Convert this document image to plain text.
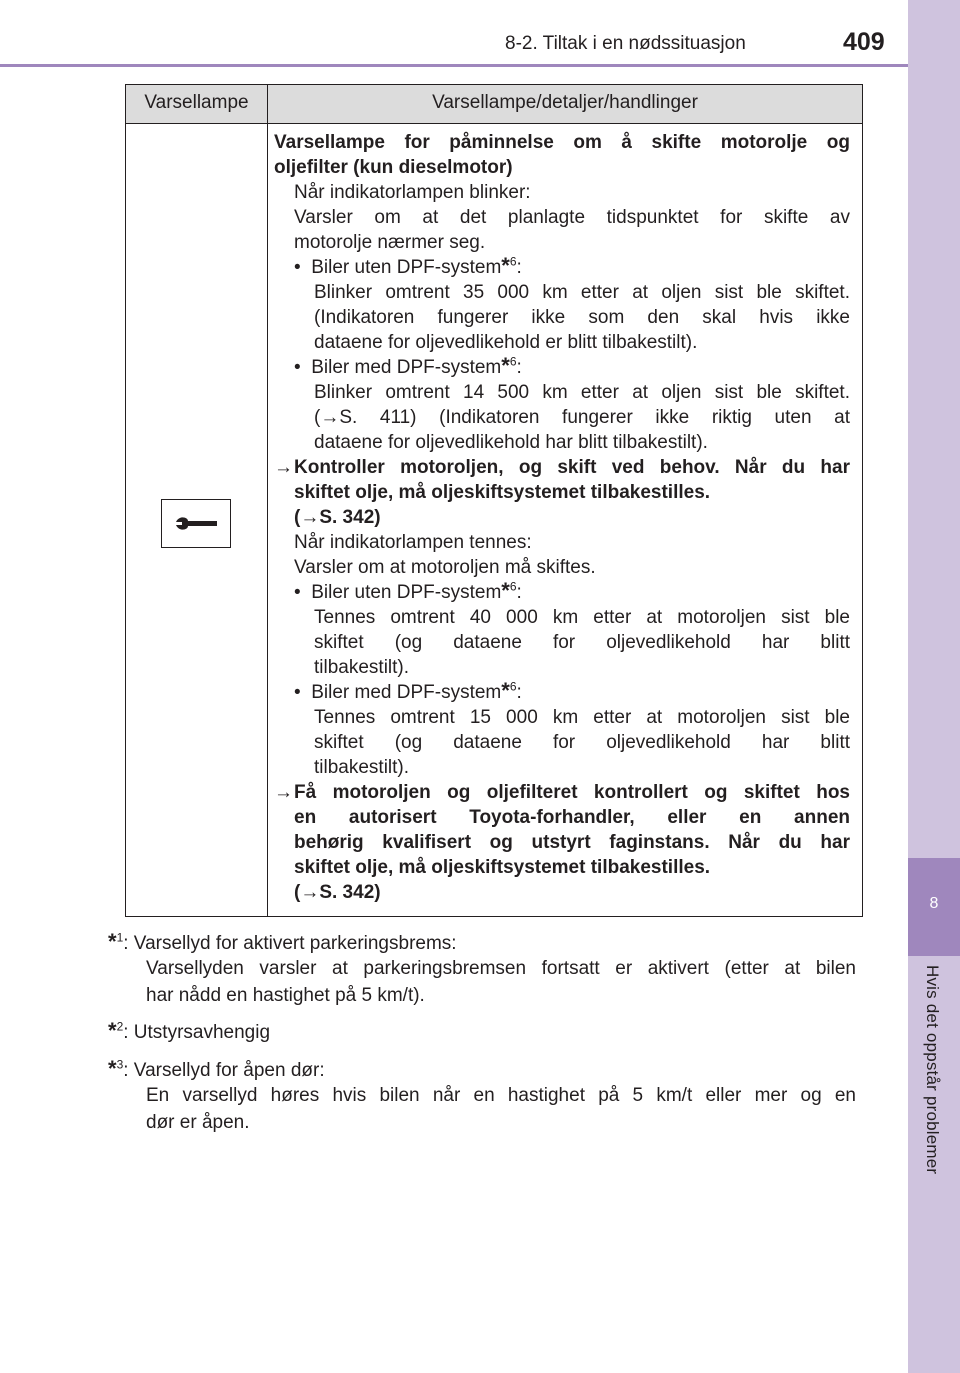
8
Hvis det oppstår problemer
8-2. Tiltak i en nødssituasjon	409
Varsellampe	Varsellampe/detaljer/handlinger
Varsellampe for påminnelse om å skifte motorolje og
oljefilter (kun dieselmotor)
Når indikatorlampen blinker:
Varsler om at det planlagte tidspunktet for skifte av
motorolje nærmer seg.
• Biler uten DPF-system*$^6$:
Blinker omtrent 35 000 km etter at oljen sist ble skiftet.
(Indikatoren fungerer ikke som den skal hvis ikke
dataene for oljevedlikehold er blitt tilbakestilt).
• Biler med DPF-system*$^6$:
Blinker omtrent 14 500 km etter at oljen sist ble skiftet.
(→S. 411) (Indikatoren fungerer ikke riktig uten at
dataene for oljevedlikehold har blitt tilbakestilt).
→ Kontroller motoroljen, og skift ved behov. Når du har
skiftet olje, må oljeskiftsystemet tilbakestilles.
(→S. 342)
Når indikatorlampen tennes:
Varsler om at motoroljen må skiftes.
• Biler uten DPF-system*$^6$:
Tennes omtrent 40 000 km etter at motoroljen sist ble
skiftet (og dataene for oljevedlikehold har blitt
tilbakestilt).
• Biler med DPF-system*$^6$:
Tennes omtrent 15 000 km etter at motoroljen sist ble
skiftet (og dataene for oljevedlikehold har blitt
tilbakestilt).
→ Få motoroljen og oljefilteret kontrollert og skiftet hos
en autorisert Toyota-forhandler, eller en annen
behørig kvalifisert og utstyrt faginstans. Når du har
skiftet olje, må oljeskiftsystemet tilbakestilles.
(→S. 342)
*$^1$: Varsellyd for aktivert parkeringsbrems:
Varsellyden varsler at parkeringsbremsen fortsatt er aktivert (etter at bilen
har nådd en hastighet på 5 km/t).
*$^2$: Utstyrsavhengig
*$^3$: Varsellyd for åpen dør:
En varsellyd høres hvis bilen når en hastighet på 5 km/t eller mer og en
dør er åpen.
